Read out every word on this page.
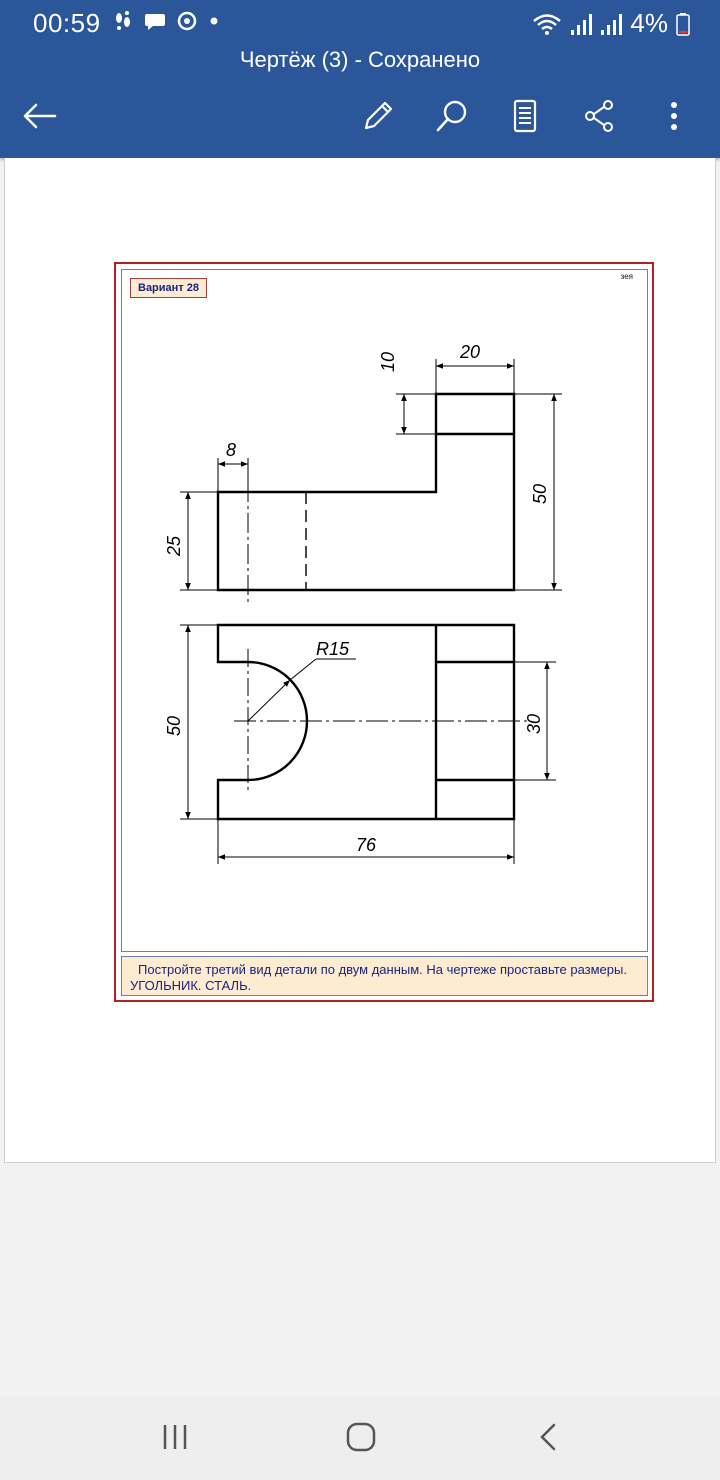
00:59	4%
Чертёж (3) - Сохранено
Вариант 28
зея
20
10
50
8
25
R15
50	30
76
Постройте третий вид детали по двум данным. На чертеже проставьте размеры. УГОЛЬНИК. СТАЛЬ.
